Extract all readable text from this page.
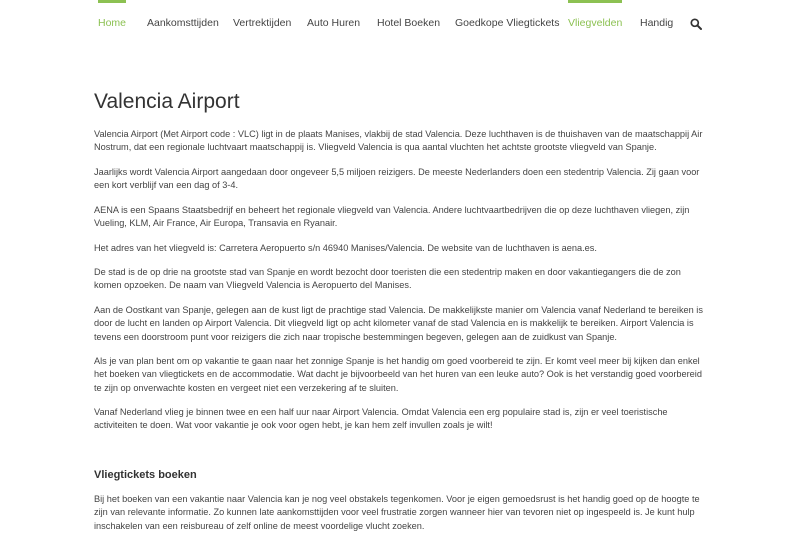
Home Aankomsttijden Vertrektijden Auto Huren Hotel Boeken Goedkope Vliegtickets Vliegvelden Handig
Valencia Airport

Valencia Airport (Met Airport code : VLC) ligt in de plaats Manises, vlakbij de stad Valencia. Deze luchthaven is de thuishaven van de maatschappij Air Nostrum, dat een regionale luchtvaart maatschappij is. Vliegveld Valencia is qua aantal vluchten het achtste grootste vliegveld van Spanje.

Jaarlijks wordt Valencia Airport aangedaan door ongeveer 5,5 miljoen reizigers. De meeste Nederlanders doen een stedentrip Valencia. Zij gaan voor een kort verblijf van een dag of 3-4.

AENA is een Spaans Staatsbedrijf en beheert het regionale vliegveld van Valencia. Andere luchtvaartbedrijven die op deze luchthaven vliegen, zijn Vueling, KLM, Air France, Air Europa, Transavia en Ryanair.

Het adres van het vliegveld is: Carretera Aeropuerto s/n 46940 Manises/Valencia. De website van de luchthaven is aena.es.

De stad is de op drie na grootste stad van Spanje en wordt bezocht door toeristen die een stedentrip maken en door vakantiegangers die de zon komen opzoeken. De naam van Vliegveld Valencia is Aeropuerto del Manises.

Aan de Oostkant van Spanje, gelegen aan de kust ligt de prachtige stad Valencia. De makkelijkste manier om Valencia vanaf Nederland te bereiken is door de lucht en landen op Airport Valencia. Dit vliegveld ligt op acht kilometer vanaf de stad Valencia en is makkelijk te bereiken. Airport Valencia is tevens een doorstroom punt voor reizigers die zich naar tropische bestemmingen begeven, gelegen aan de zuidkust van Spanje.

Als je van plan bent om op vakantie te gaan naar het zonnige Spanje is het handig om goed voorbereid te zijn. Er komt veel meer bij kijken dan enkel het boeken van vliegtickets en de accommodatie. Wat dacht je bijvoorbeeld van het huren van een leuke auto? Ook is het verstandig goed voorbereid te zijn op onverwachte kosten en vergeet niet een verzekering af te sluiten.

Vanaf Nederland vlieg je binnen twee en een half uur naar Airport Valencia. Omdat Valencia een erg populaire stad is, zijn er veel toeristische activiteiten te doen. Wat voor vakantie je ook voor ogen hebt, je kan hem zelf invullen zoals je wilt!

Vliegtickets boeken

Bij het boeken van een vakantie naar Valencia kan je nog veel obstakels tegenkomen. Voor je eigen gemoedsrust is het handig goed op de hoogte te zijn van relevante informatie. Zo kunnen late aankomsttijden voor veel frustratie zorgen wanneer hier van tevoren niet op ingespeeld is. Je kunt hulp inschakelen van een reisbureau of zelf online de meest voordelige vlucht zoeken.
